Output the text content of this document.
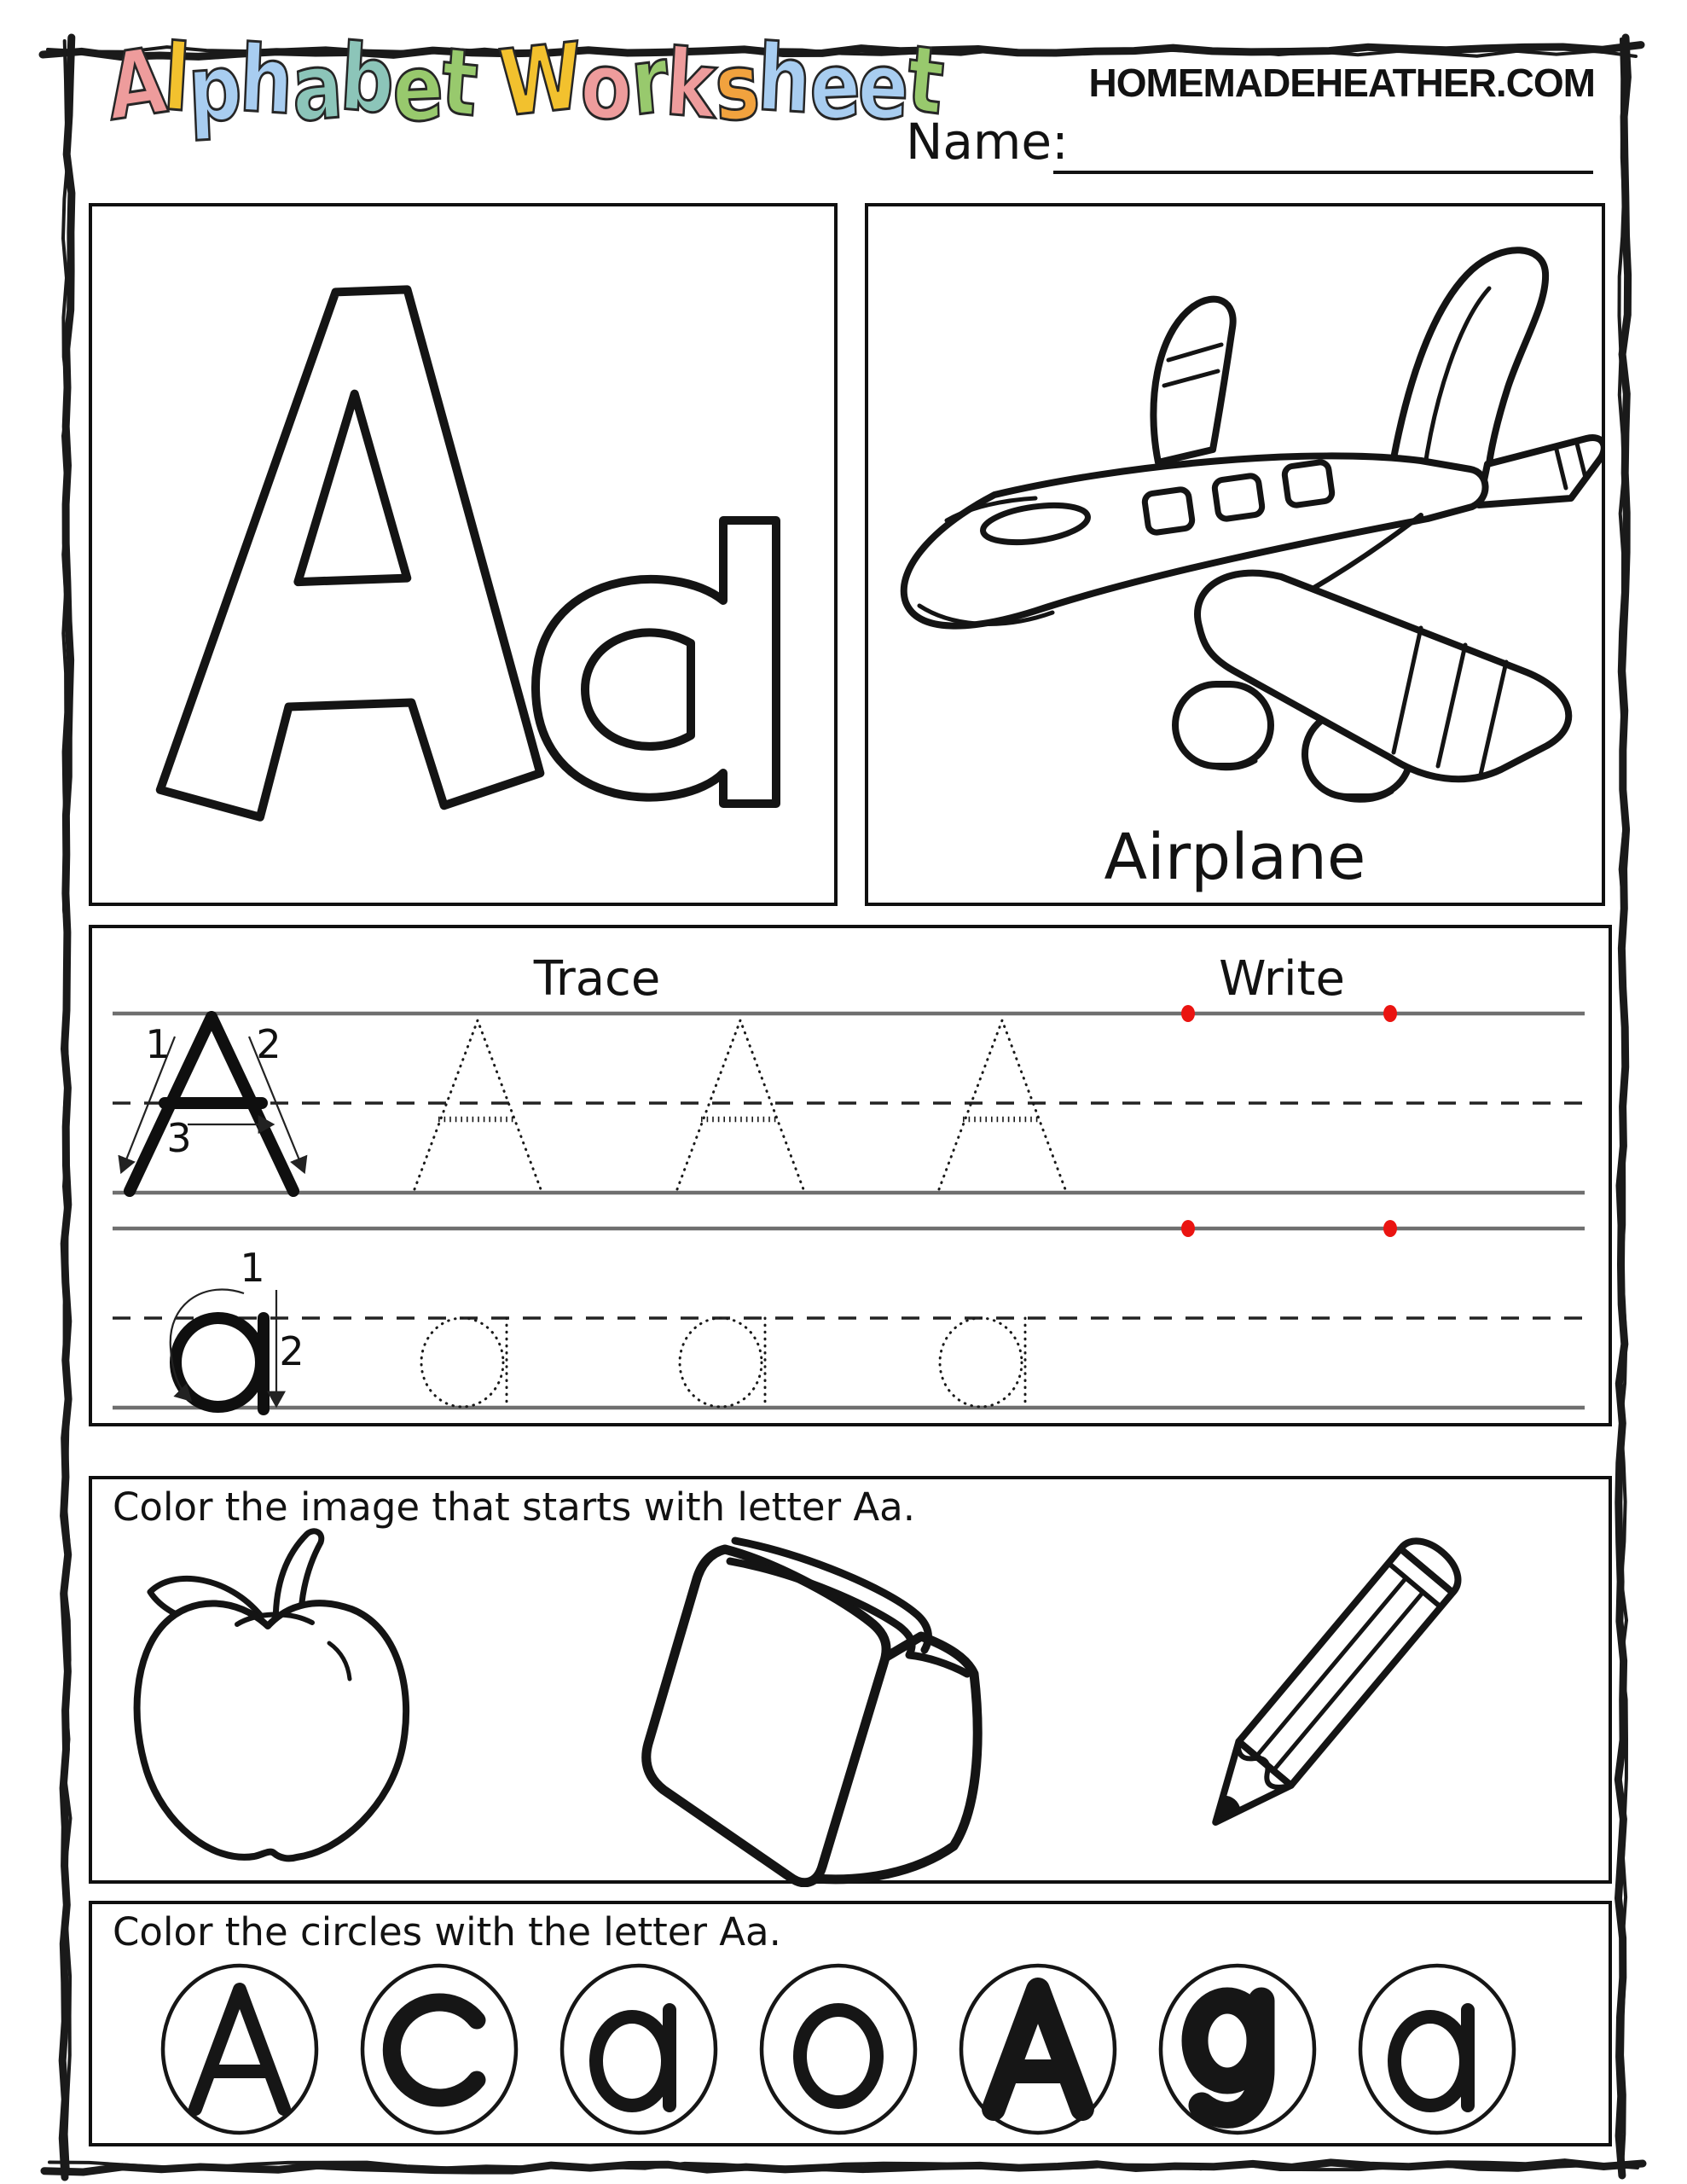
Alphabet Worksheet	HOMEMADEHEATHER.COM
Name:
Airplane
Trace	Write
1 2
3
1
2
Color the image that starts with letter Aa.
Color the circles with the letter Aa.
